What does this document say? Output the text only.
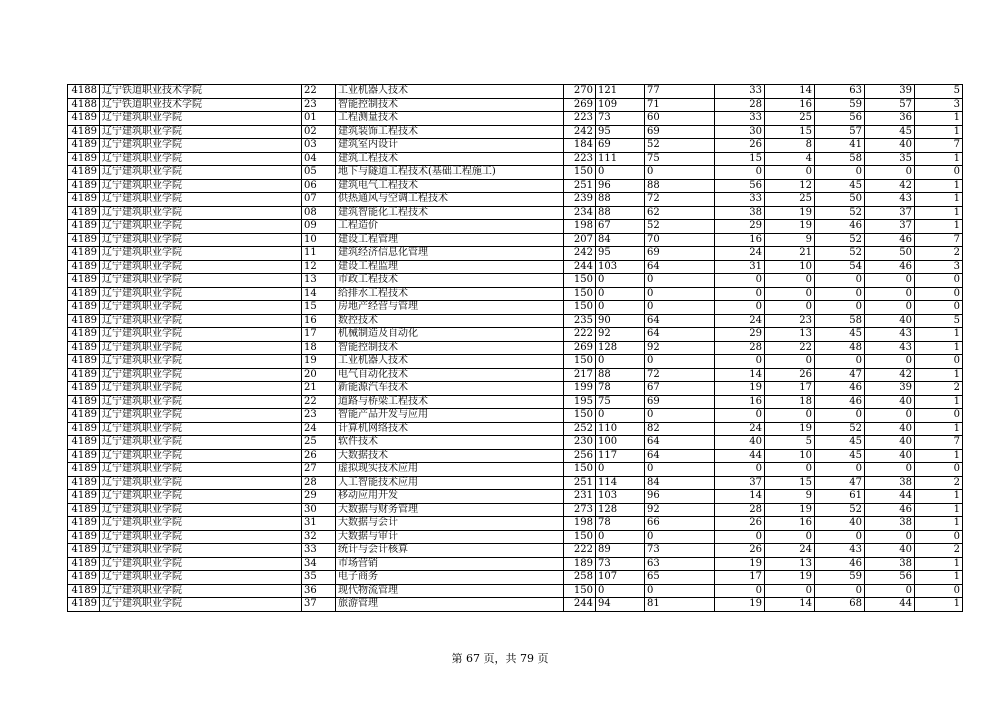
4188	辽宁铁道职业技术学院	22	工业机器人技术	270	121	77	33	14	63	39	5
4188	辽宁铁道职业技术学院	23	智能控制技术	269	109	71	28	16	59	57	3
4189	辽宁建筑职业学院	01	工程测量技术	223	73	60	33	25	56	36	1
4189	辽宁建筑职业学院	02	建筑装饰工程技术	242	95	69	30	15	57	45	1
4189	辽宁建筑职业学院	03	建筑室内设计	184	69	52	26	8	41	40	7
4189	辽宁建筑职业学院	04	建筑工程技术	223	111	75	15	4	58	35	1
4189	辽宁建筑职业学院	05	地下与隧道工程技术(基础工程施工)	150	0	0	0	0	0	0	0
4189	辽宁建筑职业学院	06	建筑电气工程技术	251	96	88	56	12	45	42	1
4189	辽宁建筑职业学院	07	供热通风与空调工程技术	239	88	72	33	25	50	43	1
4189	辽宁建筑职业学院	08	建筑智能化工程技术	234	88	62	38	19	52	37	1
4189	辽宁建筑职业学院	09	工程造价	198	67	52	29	19	46	37	1
4189	辽宁建筑职业学院	10	建设工程管理	207	84	70	16	9	52	46	7
4189	辽宁建筑职业学院	11	建筑经济信息化管理	242	95	69	24	21	52	50	2
4189	辽宁建筑职业学院	12	建设工程监理	244	103	64	31	10	54	46	3
4189	辽宁建筑职业学院	13	市政工程技术	150	0	0	0	0	0	0	0
4189	辽宁建筑职业学院	14	给排水工程技术	150	0	0	0	0	0	0	0
4189	辽宁建筑职业学院	15	房地产经营与管理	150	0	0	0	0	0	0	0
4189	辽宁建筑职业学院	16	数控技术	235	90	64	24	23	58	40	5
4189	辽宁建筑职业学院	17	机械制造及自动化	222	92	64	29	13	45	43	1
4189	辽宁建筑职业学院	18	智能控制技术	269	128	92	28	22	48	43	1
4189	辽宁建筑职业学院	19	工业机器人技术	150	0	0	0	0	0	0	0
4189	辽宁建筑职业学院	20	电气自动化技术	217	88	72	14	26	47	42	1
4189	辽宁建筑职业学院	21	新能源汽车技术	199	78	67	19	17	46	39	2
4189	辽宁建筑职业学院	22	道路与桥梁工程技术	195	75	69	16	18	46	40	1
4189	辽宁建筑职业学院	23	智能产品开发与应用	150	0	0	0	0	0	0	0
4189	辽宁建筑职业学院	24	计算机网络技术	252	110	82	24	19	52	40	1
4189	辽宁建筑职业学院	25	软件技术	230	100	64	40	5	45	40	7
4189	辽宁建筑职业学院	26	大数据技术	256	117	64	44	10	45	40	1
4189	辽宁建筑职业学院	27	虚拟现实技术应用	150	0	0	0	0	0	0	0
4189	辽宁建筑职业学院	28	人工智能技术应用	251	114	84	37	15	47	38	2
4189	辽宁建筑职业学院	29	移动应用开发	231	103	96	14	9	61	44	1
4189	辽宁建筑职业学院	30	大数据与财务管理	273	128	92	28	19	52	46	1
4189	辽宁建筑职业学院	31	大数据与会计	198	78	66	26	16	40	38	1
4189	辽宁建筑职业学院	32	大数据与审计	150	0	0	0	0	0	0	0
4189	辽宁建筑职业学院	33	统计与会计核算	222	89	73	26	24	43	40	2
4189	辽宁建筑职业学院	34	市场营销	189	73	63	19	13	46	38	1
4189	辽宁建筑职业学院	35	电子商务	258	107	65	17	19	59	56	1
4189	辽宁建筑职业学院	36	现代物流管理	150	0	0	0	0	0	0	0
4189	辽宁建筑职业学院	37	旅游管理	244	94	81	19	14	68	44	1
第 67 页，共 79 页
